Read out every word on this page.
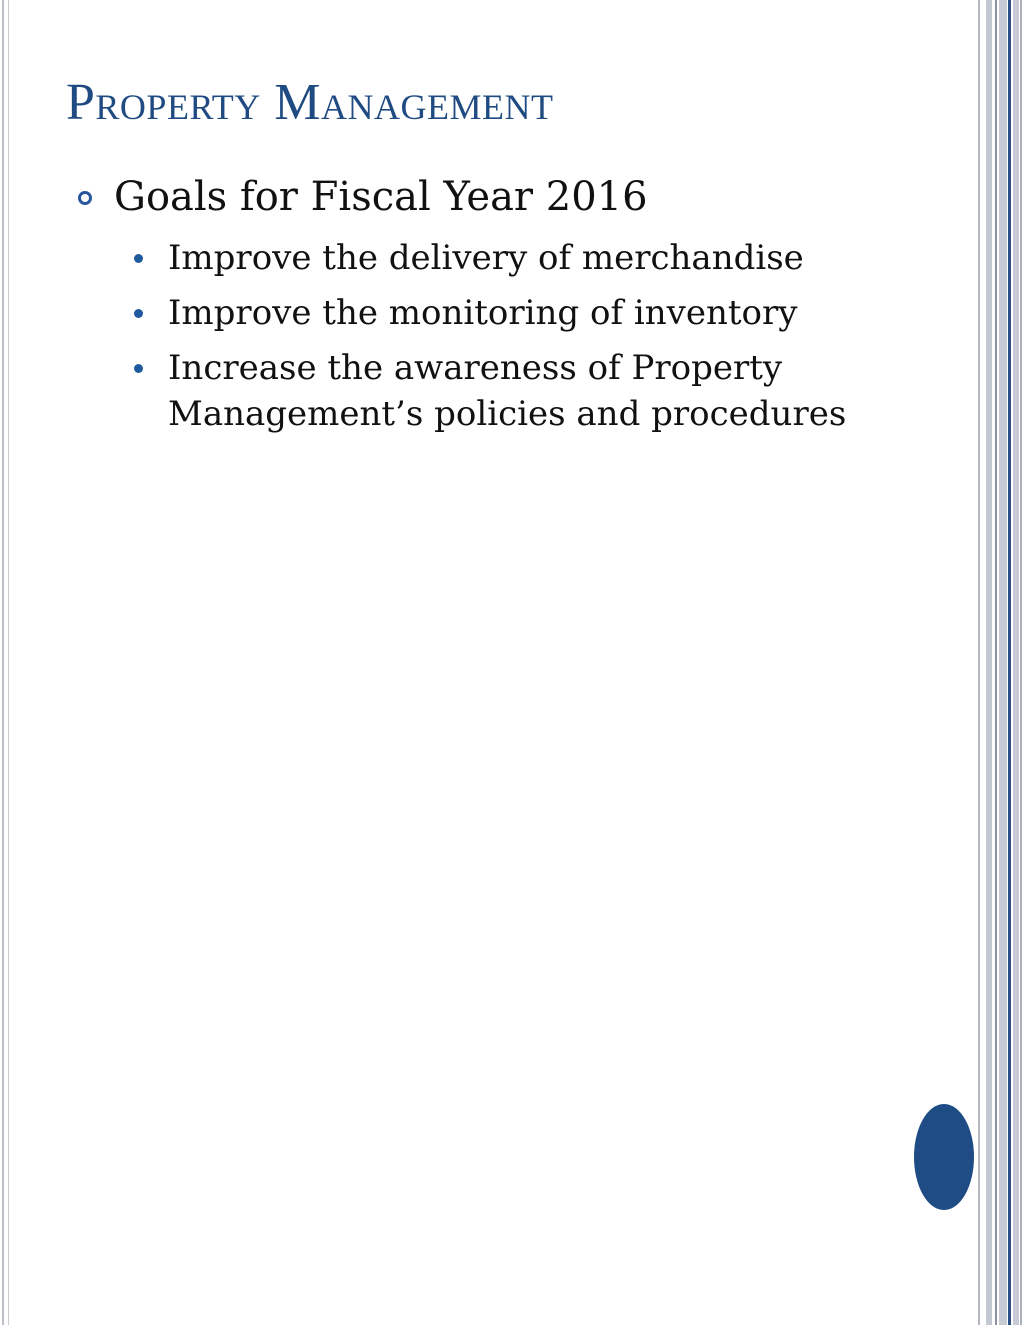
Property Management
Goals for Fiscal Year 2016
Improve the delivery of merchandise
Improve the monitoring of inventory
Increase the awareness of Property Management’s policies and procedures
